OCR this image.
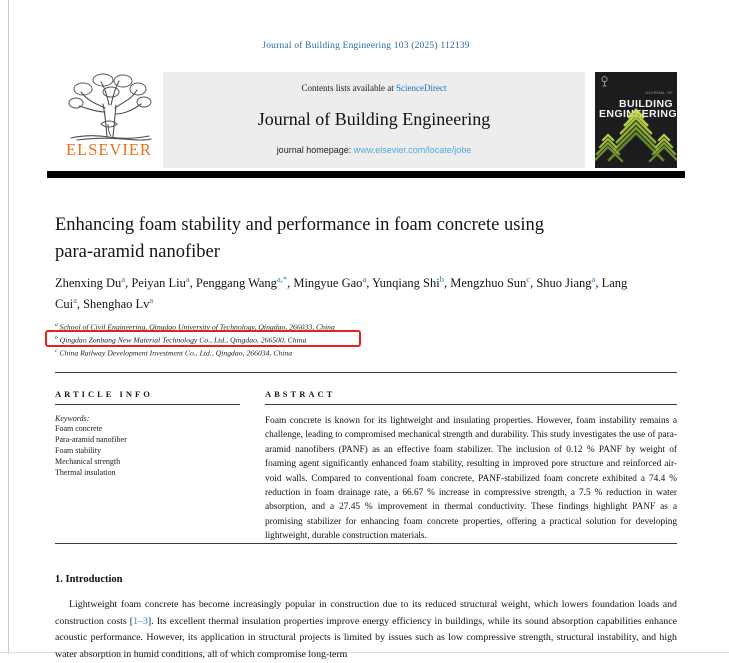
Journal of Building Engineering 103 (2025) 112139
ELSEVIER
Contents lists available at ScienceDirect
Journal of Building Engineering
journal homepage: www.elsevier.com/locate/jobe
JOURNAL OF BUILDING
ENGINEERING
Enhancing foam stability and performance in foam concrete using
para-aramid nanofiber
Zhenxing Du$^a$, Peiyan Liu$^a$, Penggang Wang$^{a,*}$, Mingyue Gao$^a$, Yunqiang Shi$^b$, Mengzhuo Sun$^c$, Shuo Jiang$^a$, Lang Cui$^a$, Shenghao Lv$^a$
$^a$ School of Civil Engineering, Qingdao University of Technology, Qingdao, 266033, China
$^b$ Qingdao Zonbang New Material Technology Co., Ltd., Qingdao, 266500, China
$^c$ China Railway Development Investment Co., Ltd., Qingdao, 266034, China
ARTICLE INFO
Keywords:
Foam concrete
Para-aramid nanofiber
Foam stability
Mechanical strength
Thermal insulation
ABSTRACT
Foam concrete is known for its lightweight and insulating properties. However, foam instability remains a challenge, leading to compromised mechanical strength and durability. This study investigates the use of para-aramid nanofibers (PANF) as an effective foam stabilizer. The inclusion of 0.12 % PANF by weight of foaming agent significantly enhanced foam stability, resulting in improved pore structure and reinforced air-void walls. Compared to conventional foam concrete, PANF-stabilized foam concrete exhibited a 74.4 % reduction in foam drainage rate, a 66.67 % increase in compressive strength, a 7.5 % reduction in water absorption, and a 27.45 % improvement in thermal conductivity. These findings highlight PANF as a promising stabilizer for enhancing foam concrete properties, offering a practical solution for developing lightweight, durable construction materials.
1. Introduction
Lightweight foam concrete has become increasingly popular in construction due to its reduced structural weight, which lowers foundation loads and construction costs [1–3]. Its excellent thermal insulation properties improve energy efficiency in buildings, while its sound absorption capabilities enhance acoustic performance. However, its application in structural projects is limited by issues such as low compressive strength, structural instability, and high water absorption in humid conditions, all of which compromise long-term
